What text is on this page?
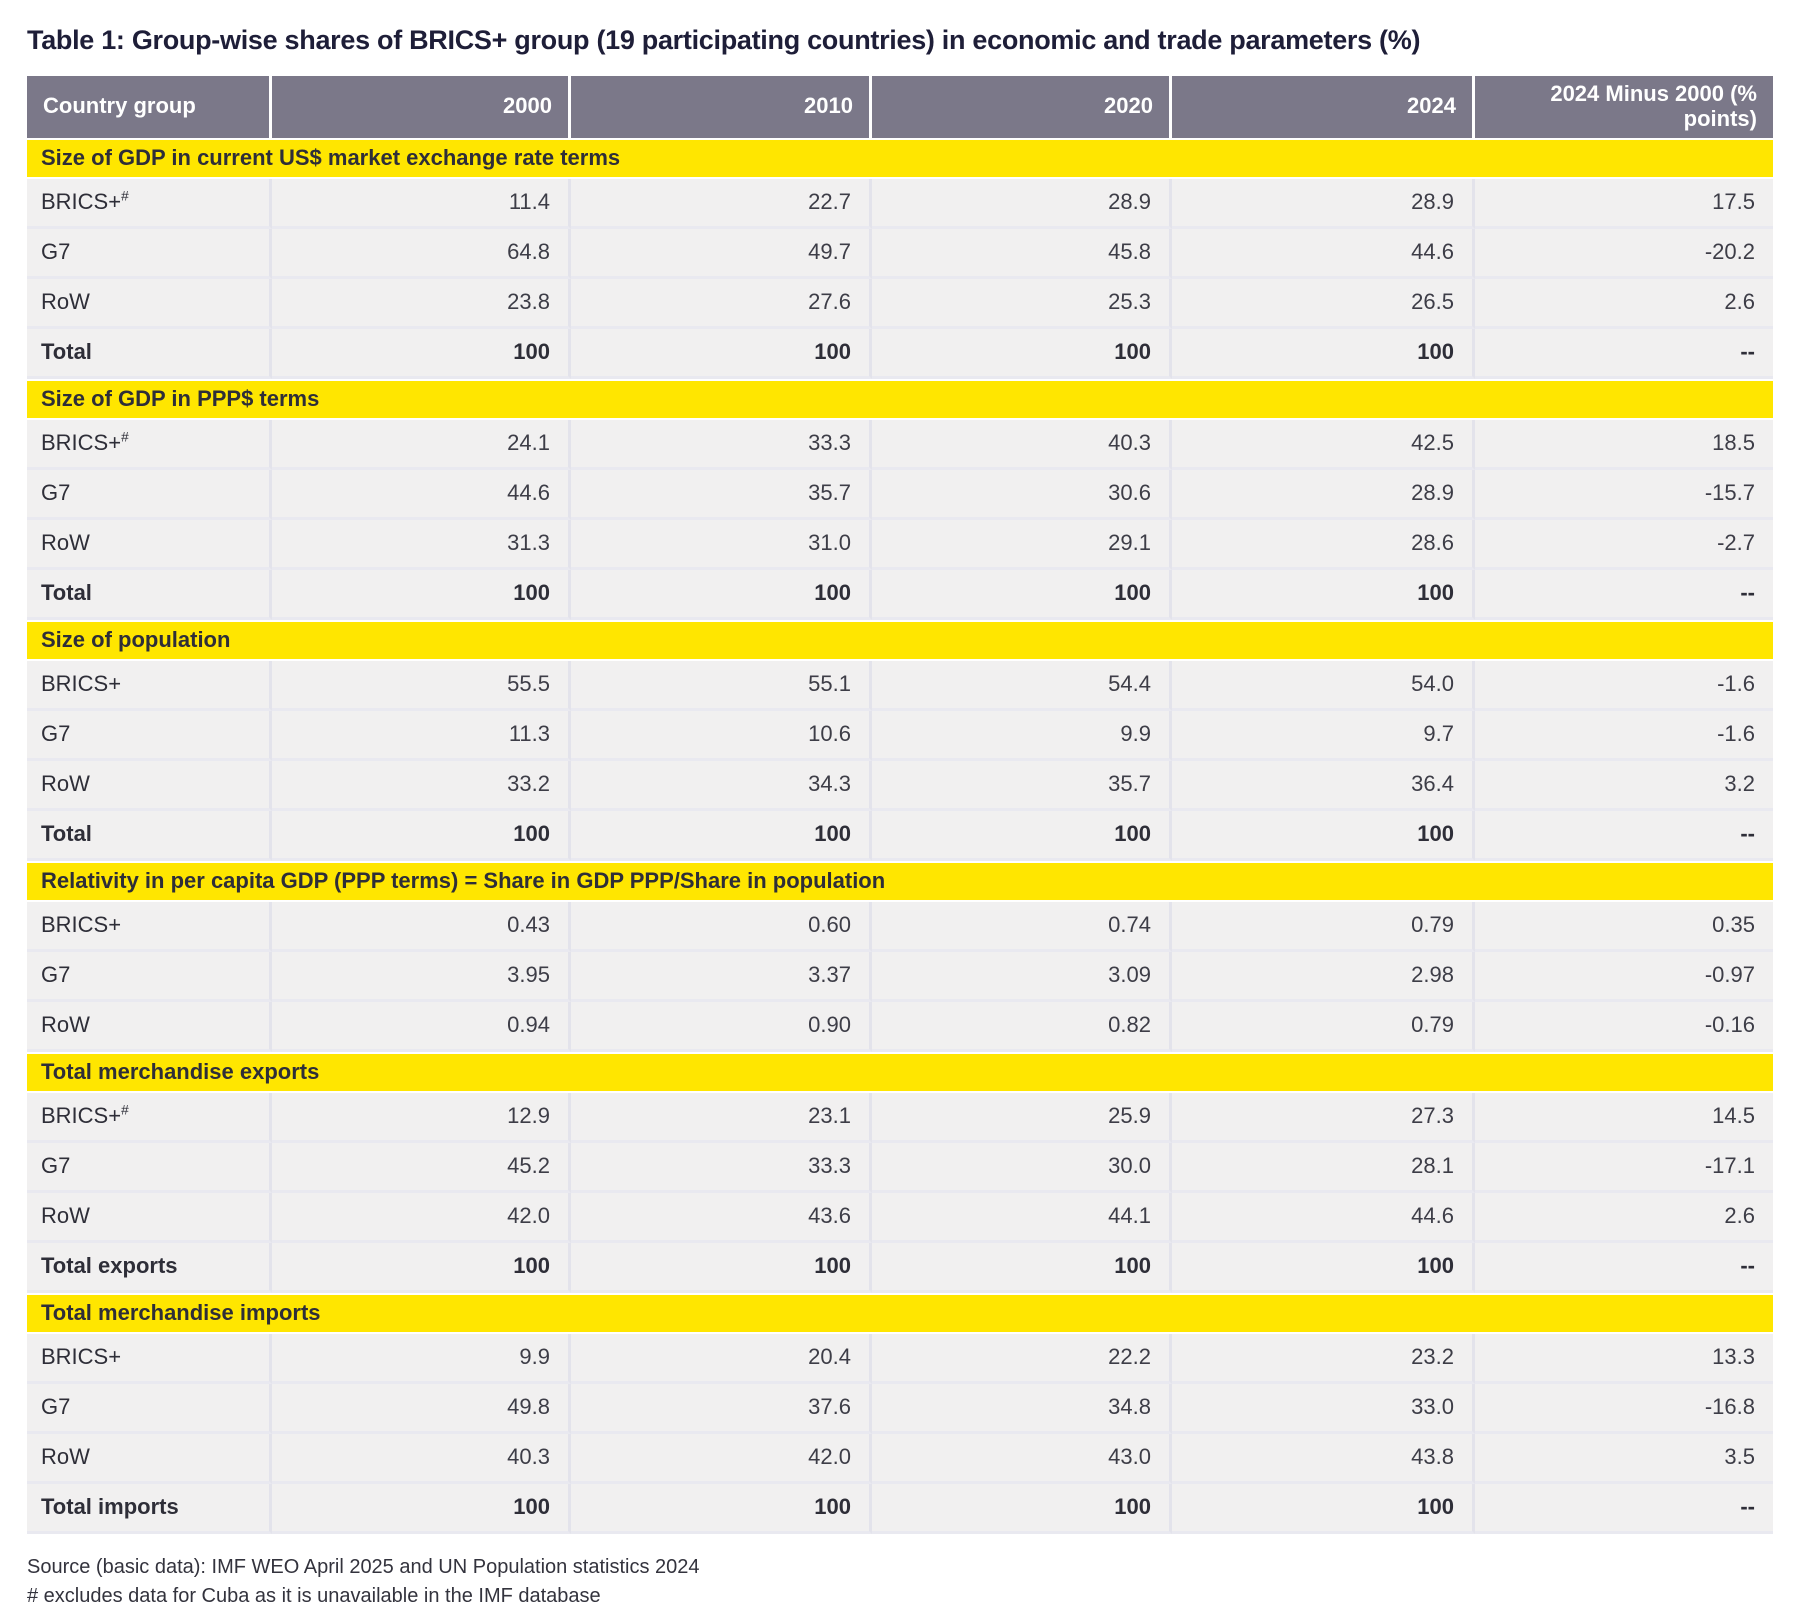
Table 1: Group-wise shares of BRICS+ group (19 participating countries) in economic and trade parameters (%)
Country group	2000	2010	2020	2024	2024 Minus 2000 (% points)
Size of GDP in current US$ market exchange rate terms					
BRICS+#	11.4	22.7	28.9	28.9	17.5
G7	64.8	49.7	45.8	44.6	-20.2
RoW	23.8	27.6	25.3	26.5	2.6
Total	100	100	100	100	--
Size of GDP in PPP$ terms					
BRICS+#	24.1	33.3	40.3	42.5	18.5
G7	44.6	35.7	30.6	28.9	-15.7
RoW	31.3	31.0	29.1	28.6	-2.7
Total	100	100	100	100	--
Size of population					
BRICS+	55.5	55.1	54.4	54.0	-1.6
G7	11.3	10.6	9.9	9.7	-1.6
RoW	33.2	34.3	35.7	36.4	3.2
Total	100	100	100	100	--
Relativity in per capita GDP (PPP terms) = Share in GDP PPP/Share in population					
BRICS+	0.43	0.60	0.74	0.79	0.35
G7	3.95	3.37	3.09	2.98	-0.97
RoW	0.94	0.90	0.82	0.79	-0.16
Total merchandise exports					
BRICS+#	12.9	23.1	25.9	27.3	14.5
G7	45.2	33.3	30.0	28.1	-17.1
RoW	42.0	43.6	44.1	44.6	2.6
Total exports	100	100	100	100	--
Total merchandise imports					
BRICS+	9.9	20.4	22.2	23.2	13.3
G7	49.8	37.6	34.8	33.0	-16.8
RoW	40.3	42.0	43.0	43.8	3.5
Total imports	100	100	100	100	--

Source (basic data): IMF WEO April 2025 and UN Population statistics 2024

# excludes data for Cuba as it is unavailable in the IMF database
